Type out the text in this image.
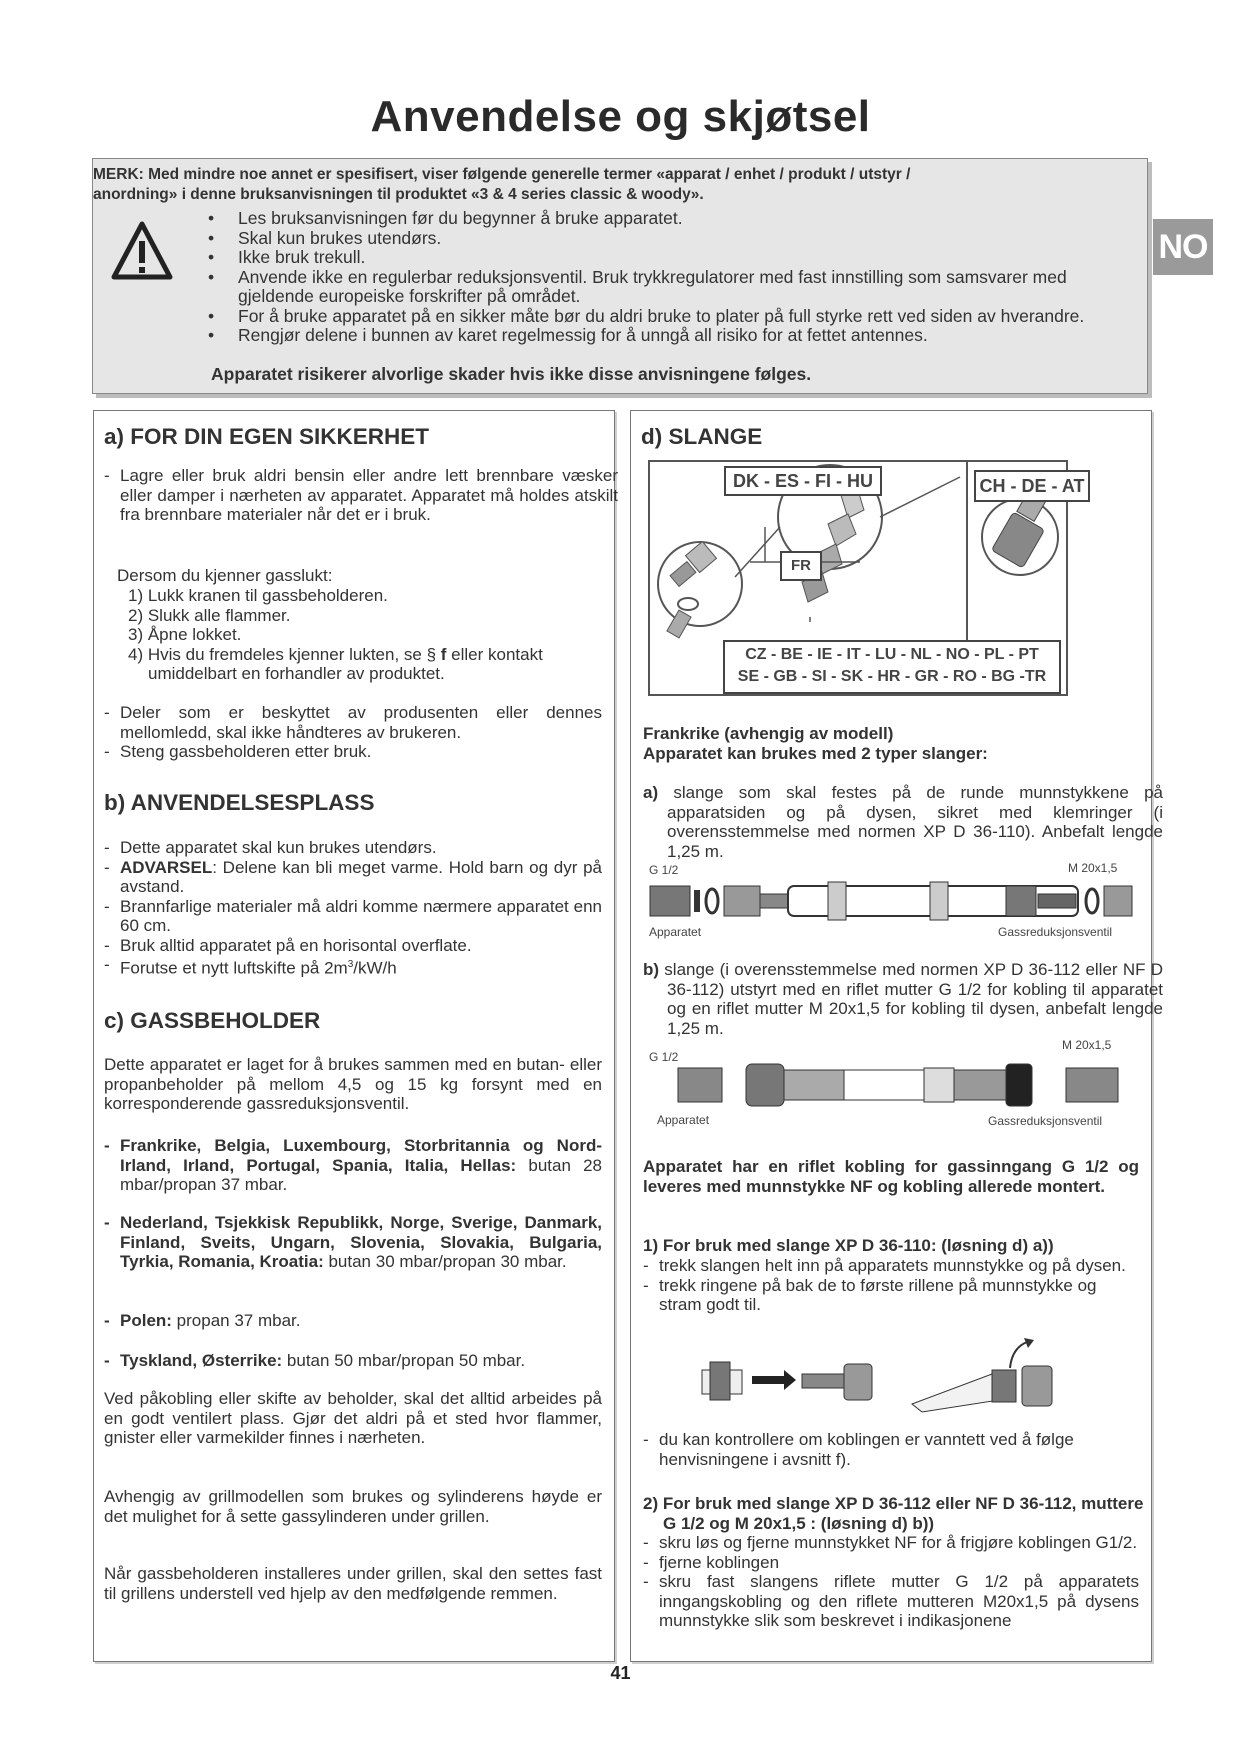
Anvendelse og skjøtsel
NO
MERK: Med mindre noe annet er spesifisert, viser følgende generelle termer «apparat / enhet / produkt / utstyr /
anordning» i denne bruksanvisningen til produktet «3 & 4 series classic & woody».
• Les bruksanvisningen før du begynner å bruke apparatet.
• Skal kun brukes utendørs.
• Ikke bruk trekull.
• Anvende ikke en regulerbar reduksjonsventil. Bruk trykkregulatorer med fast innstilling som samsvarer med gjeldende europeiske forskrifter på området.
• For å bruke apparatet på en sikker måte bør du aldri bruke to plater på full styrke rett ved siden av hverandre.
• Rengjør delene i bunnen av karet regelmessig for å unngå all risiko for at fettet antennes.
Apparatet risikerer alvorlige skader hvis ikke disse anvisningene følges.
a) FOR DIN EGEN SIKKERHET
- Lagre eller bruk aldri bensin eller andre lett brennbare væsker eller damper i nærheten av apparatet. Apparatet må holdes atskilt fra brennbare materialer når det er i bruk.
Dersom du kjenner gasslukt:
1) Lukk kranen til gassbeholderen.
2) Slukk alle flammer.
3) Åpne lokket.
4) Hvis du fremdeles kjenner lukten, se § f eller kontakt umiddelbart en forhandler av produktet.
- Deler som er beskyttet av produsenten eller dennes mellomledd, skal ikke håndteres av brukeren.
- Steng gassbeholderen etter bruk.
b) ANVENDELSESPLASS
- Dette apparatet skal kun brukes utendørs.
- ADVARSEL: Delene kan bli meget varme. Hold barn og dyr på avstand.
- Brannfarlige materialer må aldri komme nærmere apparatet enn 60 cm.
- Bruk alltid apparatet på en horisontal overflate.
- Forutse et nytt luftskifte på $2m^3/kW/h$
c) GASSBEHOLDER
Dette apparatet er laget for å brukes sammen med en butan- eller propanbeholder på mellom 4,5 og 15 kg forsynt med en korresponderende gassreduksjonsventil.
- Frankrike, Belgia, Luxembourg, Storbritannia og Nord-Irland, Irland, Portugal, Spania, Italia, Hellas: butan 28 mbar/propan 37 mbar.
- Nederland, Tsjekkisk Republikk, Norge, Sverige, Danmark, Finland, Sveits, Ungarn, Slovenia, Slovakia, Bulgaria, Tyrkia, Romania, Kroatia: butan 30 mbar/propan 30 mbar.
- Polen: propan 37 mbar.
- Tyskland, Østerrike: butan 50 mbar/propan 50 mbar.
Ved påkobling eller skifte av beholder, skal det alltid arbeides på en godt ventilert plass. Gjør det aldri på et sted hvor flammer, gnister eller varmekilder finnes i nærheten.
Avhengig av grillmodellen som brukes og sylinderens høyde er det mulighet for å sette gassylinderen under grillen.
Når gassbeholderen installeres under grillen, skal den settes fast til grillens understell ved hjelp av den medfølgende remmen.
d) SLANGE
DK - ES - FI - HU	CH - DE - AT
FR
CZ - BE - IE - IT - LU - NL - NO - PL - PT
SE - GB - SI - SK - HR - GR - RO - BG -TR
Frankrike (avhengig av modell)
Apparatet kan brukes med 2 typer slanger:
a) slange som skal festes på de runde munnstykkene på apparatsiden og på dysen, sikret med klemringer (i overensstemmelse med normen XP D 36-110). Anbefalt lengde 1,25 m.
G 1/2	M 20x1,5
Apparatet	Gassreduksjonsventil
b) slange (i overensstemmelse med normen XP D 36-112 eller NF D 36-112) utstyrt med en riflet mutter G 1/2 for kobling til apparatet og en riflet mutter M 20x1,5 for kobling til dysen, anbefalt lengde 1,25 m.
M 20x1,5
G 1/2
Apparatet	Gassreduksjonsventil
Apparatet har en riflet kobling for gassinngang G 1/2 og leveres med munnstykke NF og kobling allerede montert.
1) For bruk med slange XP D 36-110: (løsning d) a))
- trekk slangen helt inn på apparatets munnstykke og på dysen.
- trekk ringene på bak de to første rillene på munnstykke og stram godt til.
- du kan kontrollere om koblingen er vanntett ved å følge henvisningene i avsnitt f).
2) For bruk med slange XP D 36-112 eller NF D 36-112, muttere G 1/2 og M 20x1,5 : (løsning d) b))
- skru løs og fjerne munnstykket NF for å frigjøre koblingen G1/2.
- fjerne koblingen
- skru fast slangens riflete mutter G 1/2 på apparatets inngangskobling og den riflete mutteren M20x1,5 på dysens munnstykke slik som beskrevet i indikasjonene
41
